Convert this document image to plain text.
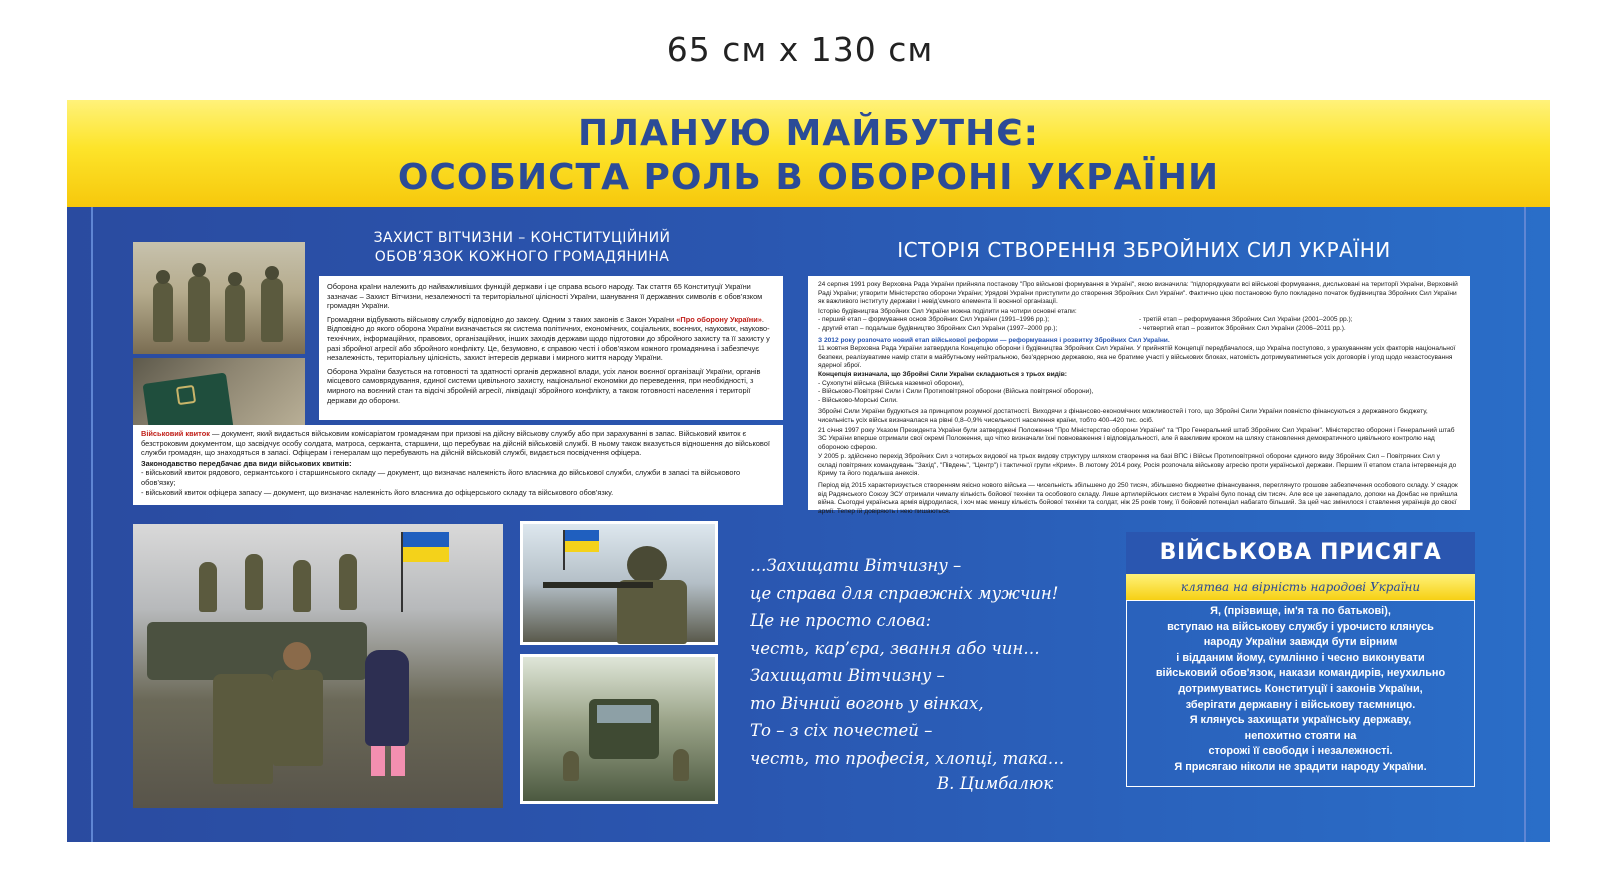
65 см х 130 см
ПЛАНУЮ МАЙБУТНЄ:
ОСОБИСТА РОЛЬ В ОБОРОНІ УКРАЇНИ
ЗАХИСТ ВІТЧИЗНИ – КОНСТИТУЦІЙНИЙ
ОБОВ’ЯЗОК КОЖНОГО ГРОМАДЯНИНА	ІСТОРІЯ СТВОРЕННЯ ЗБРОЙНИХ СИЛ УКРАЇНИ

Оборона країни належить до найважливіших функцій держави і це справа всього народу. Так стаття 65 Конституції України зазначає – Захист Вітчизни, незалежності та територіальної цілісності України, шанування її державних символів є обов’язком громадян України.

Громадяни відбувають військову службу відповідно до закону. Одним з таких законів є Закон України «Про оборону України». Відповідно до якого оборона України визначається як система політичних, економічних, соціальних, воєнних, наукових, науково-технічних, інформаційних, правових, організаційних, інших заходів держави щодо підготовки до збройного захисту та її захисту у разі збройної агресії або збройного конфлікту. Це, безумовно, є справою честі і обов’язком кожного громадянина і забезпечує незалежність, територіальну цілісність, захист інтересів держави і мирного життя народу України.

Оборона України базується на готовності та здатності органів державної влади, усіх ланок воєнної організації України, органів місцевого самоврядування, єдиної системи цивільного захисту, національної економіки до переведення, при необхідності, з мирного на воєнний стан та відсічі збройній агресії, ліквідації збройного конфлікту, а також готовності населення і території держави до оборони.

Військовий квиток — документ, який видається військовим комісаріатом громадянам при призові на дійсну військову службу або при зарахуванні в запас. Військовий квиток є безстроковим документом, що засвідчує особу солдата, матроса, сержанта, старшини, що перебуває на дійсній військовій службі. В ньому також вказується відношення до військової служби громадян, що знаходяться в запасі. Офіцерам і генералам що перебувають на дійсній військовій службі, видається посвідчення офіцера.

Законодавство передбачає два види військових квитків:

- військовий квиток рядового, сержантського і старшинського складу — документ, що визначає належність його власника до військової служби, служби в запасі та військового обов’язку;

- військовий квиток офіцера запасу — документ, що визначає належність його власника до офіцерського складу та військового обов’язку.

24 серпня 1991 року Верховна Рада України прийняла постанову "Про військові формування в Україні", якою визначила: "підпорядкувати всі військові формування, дисльковані на території України, Верховній Раді України; утворити Міністерство оборони України; Урядові України приступити до створення Збройних Сил України". Фактично цією постановою було покладено початок будівництва Збройних Сил України як важливого інституту держави і невід’ємного елемента її воєнної організації.

Історію будівництва Збройних Сил України можна поділити на чотири основні етапи:

- перший етап – формування основ Збройних Сил України (1991–1996 рр.);	- третій етап – реформування Збройних Сил України (2001–2005 рр.);
- другий етап – подальше будівництво Збройних Сил України (1997–2000 рр.);	- четвертий етап – розвиток Збройних Сил України (2006–2011 рр.).

З 2012 року розпочато новий етап військової реформи — реформування і розвитку Збройних Сил України.

11 жовтня Верховна Рада України затвердила Концепцію оборони і будівництва Збройних Сил України. У прийнятій Концепції передбачалося, що Україна поступово, з урахуванням усіх факторів національної безпеки, реалізуватиме намір стати в майбутньому нейтральною, без’ядерною державою, яка не братиме участі у військових блоках, натомість дотримуватиметься усіх договорів і угод щодо незастосування ядерної зброї.

Концепція визначала, що Збройні Сили України складаються з трьох видів:

- Сухопутні війська (Війська наземної оборони),

- Військово-Повітряні Сили і Сили Протиповітряної оборони (Війська повітряної оборони),

- Військово-Морські Сили.

Збройні Сили України будуються за принципом розумної достатності. Виходячи з фінансово-економічних можливостей і того, що Збройні Сили України повністю фінансуються з державного бюджету, чисельність усіх військ визначалася на рівні 0,8–0,9% чисельності населення країни, тобто 400–420 тис. осіб.

21 січня 1997 року Указом Президента України були затверджені Положення "Про Міністерство оборони України" та "Про Генеральний штаб Збройних Сил України". Міністерство оборони і Генеральний штаб ЗС України вперше отримали свої окремі Положення, що чітко визначали їхні повноваження і відповідальності, але й важливим кроком на шляху становлення демократичного цивільного контролю над обороною сферою.

У 2005 р. здійснено перехід Збройних Сил з чотирьох видової на трьох видову структуру шляхом створення на базі ВПС і Військ Протиповітряної оборони єдиного виду Збройних Сил – Повітряних Сил у складі повітряних командувань "Захід", "Південь", "Центр") і тактичної групи «Крим». В лютому 2014 року, Росія розпочала військову агресію проти української держави. Першим її етапом стала інтервенція до Криму та його подальша анексія.

Період від 2015 характеризується створенням якісно нового війська — чисельність збільшено до 250 тисяч, збільшено бюджетне фінансування, переглянуто грошове забезпечення особового складу. У сяадок від Радянського Союзу ЗСУ отримали чималу кількість бойової техніки та особового складу. Лише артилерійських систем в Україні було понад сім тисяч. Але все це занепадало, допоки на Донбас не прийшла війна. Сьогодні українська армія відродилася, і хоч має меншу кількість бойової техніки та солдат, ніж 25 років тому, її бойовий потенціал набагато більший. За цей час змінилося і ставлення українців до своєї армії. Тепер їй довіряють і нею пишаються.

…Захищати Вітчизну –
це справа для справжніх мужчин!
Це не просто слова:
честь, кар’єра, звання або чин…
Захищати Вітчизну –
то Вічний вогонь у вінках,
То – з сіх почестей –
честь, то професія, хлопці, така…
В. Цимбалюк
ВІЙСЬКОВА ПРИСЯГА
клятва на вірність народові України
Я, (прізвище, ім'я та по батькові),
вступаю на військову службу і урочисто клянусь
народу України завжди бути вірним
і відданим йому, сумлінно і чесно виконувати
військовий обов'язок, накази командирів, неухильно
дотримуватись Конституції і законів України,
зберігати державну і військову таємницю.
Я клянусь захищати українську державу,
непохитно стояти на
сторожі її свободи і незалежності.
Я присягаю ніколи не зрадити народу України.
